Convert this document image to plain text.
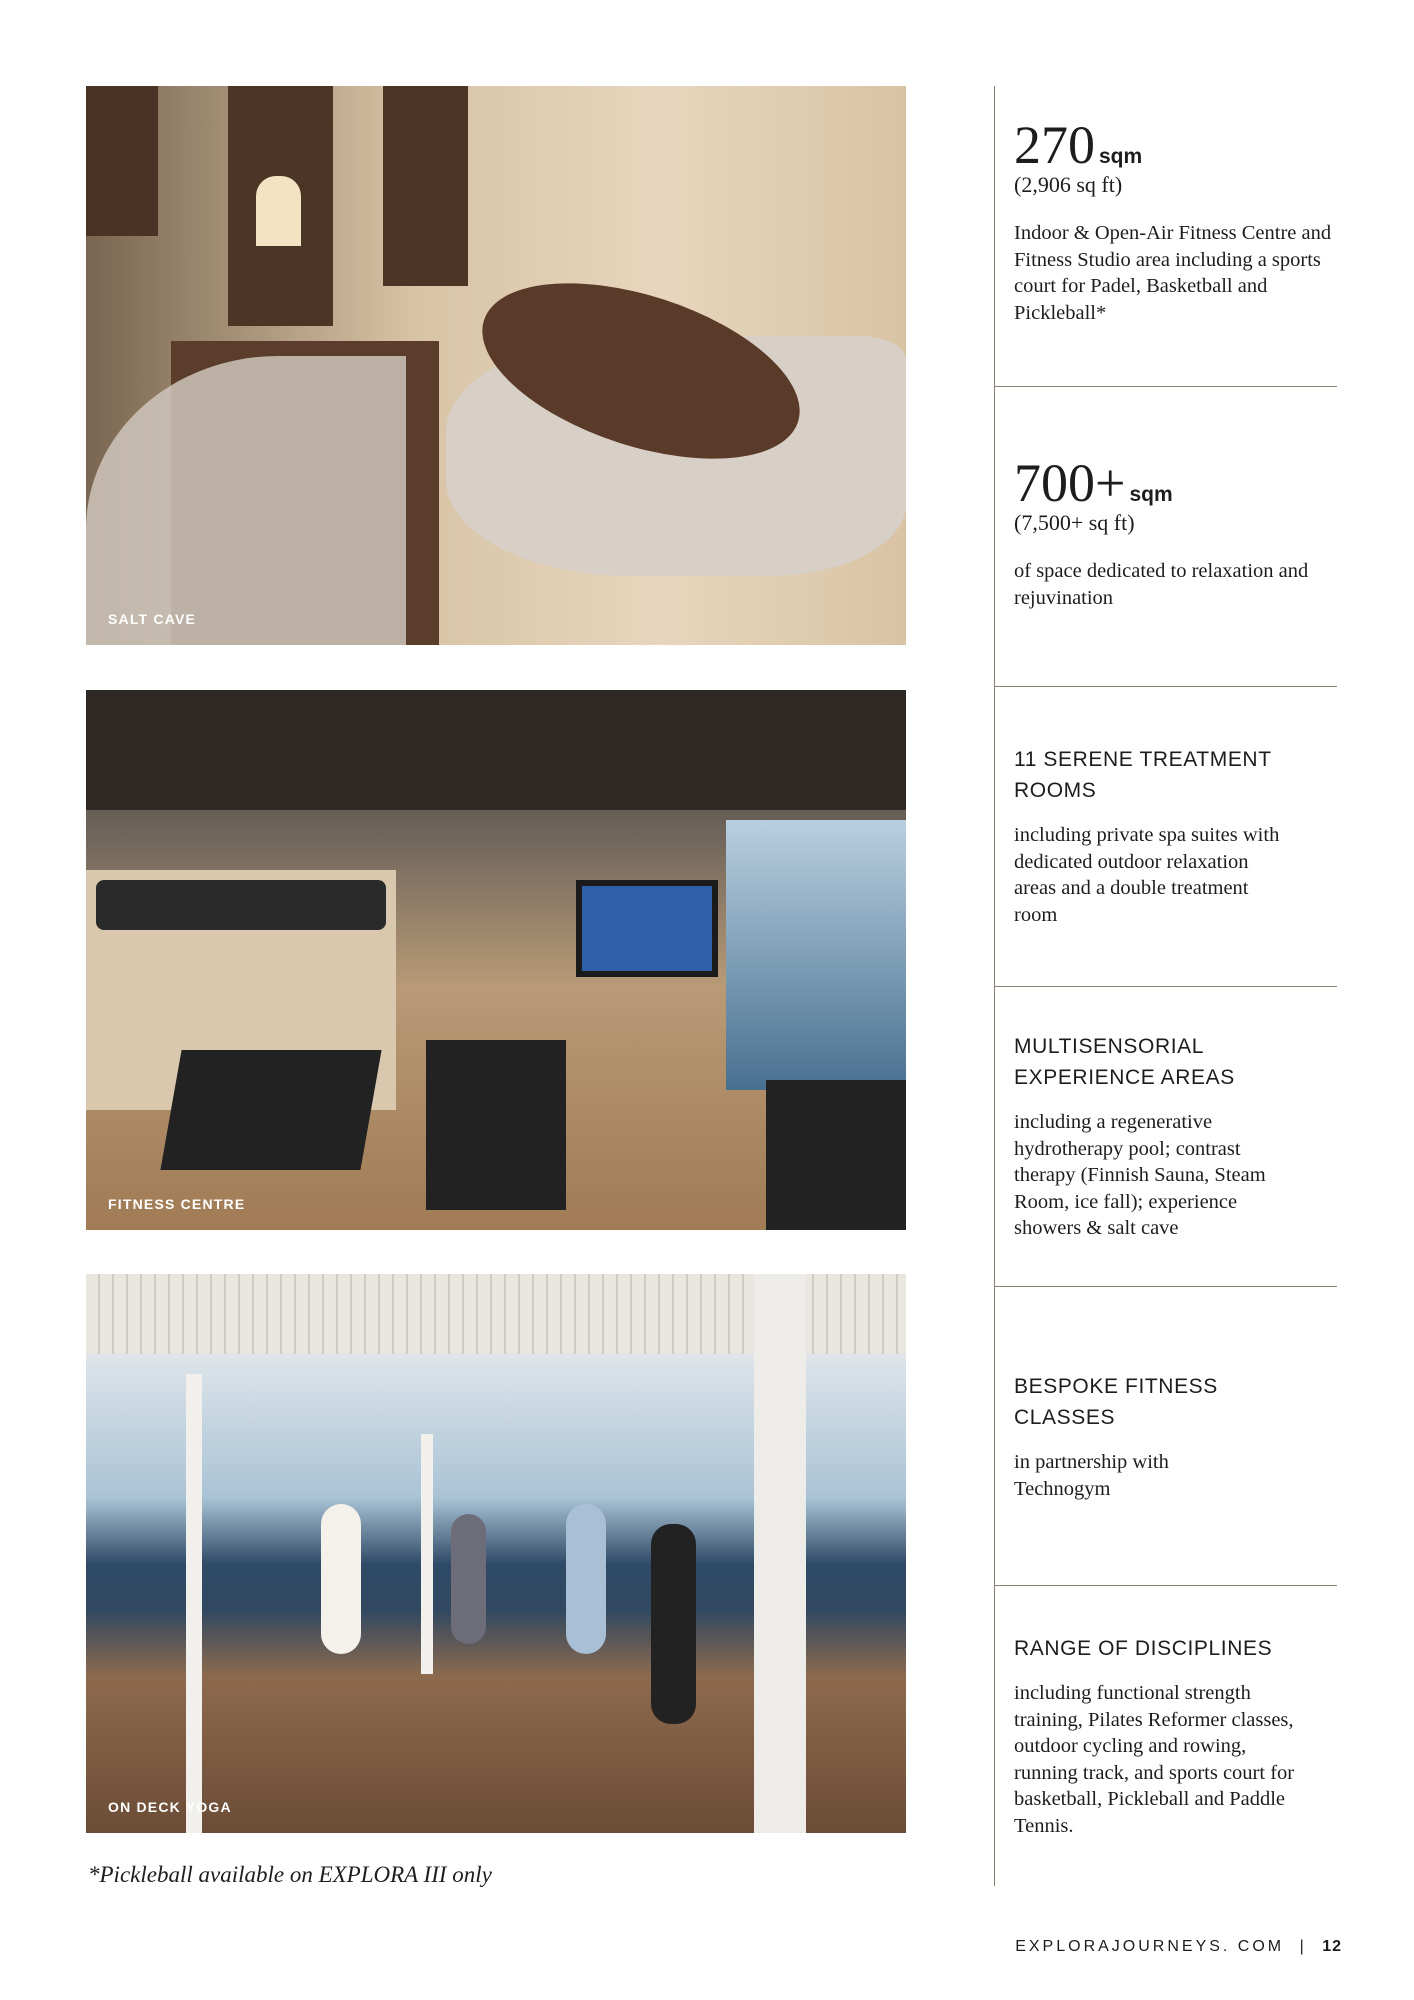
SALT CAVE
FITNESS CENTRE
ON DECK YOGA
270 sqm
(2,906 sq ft)
Indoor & Open-Air Fitness Centre and Fitness Studio area including a sports court for Padel, Basketball and Pickleball*
700+ sqm
(7,500+ sq ft)
of space dedicated to relaxation and rejuvination
11 SERENE TREATMENT ROOMS
including private spa suites with dedicated outdoor relaxation areas and a double treatment room
MULTISENSORIAL EXPERIENCE AREAS
including a regenerative hydrotherapy pool; contrast therapy (Finnish Sauna, Steam Room, ice fall); experience showers & salt cave
BESPOKE FITNESS CLASSES
in partnership with Technogym
RANGE OF DISCIPLINES
including functional strength training, Pilates Reformer classes, outdoor cycling and rowing, running track, and sports court for basketball, Pickleball and Paddle Tennis.
*Pickleball available on EXPLORA III only
EXPLORAJOURNEYS. COM | 12
